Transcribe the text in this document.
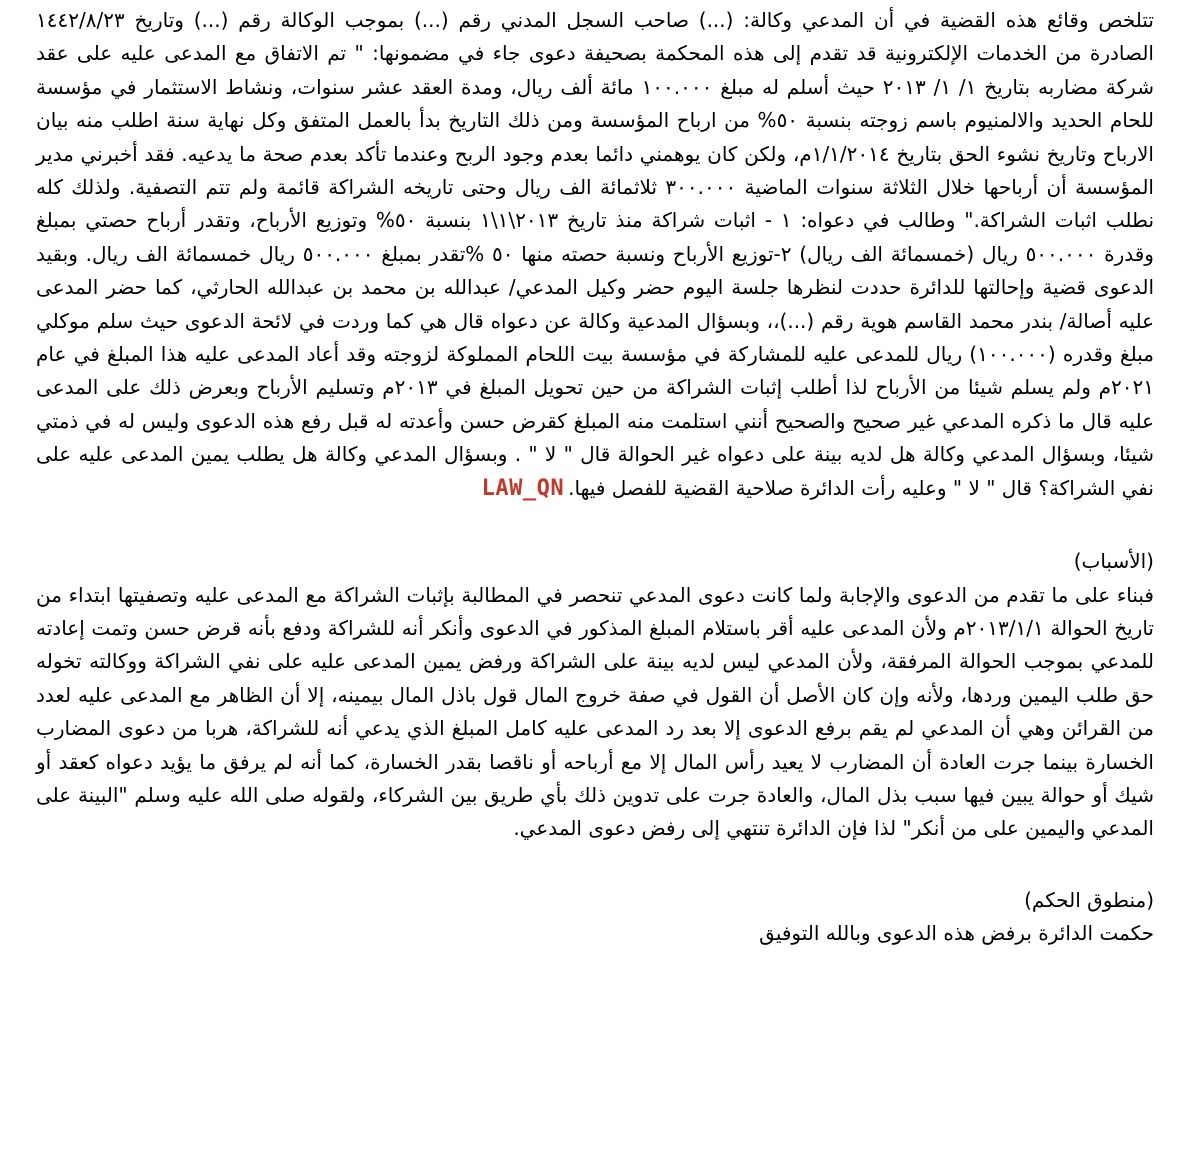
تتلخص وقائع هذه القضية في أن المدعي وكالة: (...) صاحب السجل المدني رقم (...) بموجب الوكالة رقم (...) وتاريخ ١٤٤٢/٨/٢٣ الصادرة من الخدمات الإلكترونية قد تقدم إلى هذه المحكمة بصحيفة دعوى جاء في مضمونها: " تم الاتفاق مع المدعى عليه على عقد شركة مضاربه بتاريخ ١/ ١/ ٢٠١٣ حيث أسلم له مبلغ ١٠٠.٠٠٠ مائة ألف ريال، ومدة العقد عشر سنوات، ونشاط الاستثمار في مؤسسة للحام الحديد والالمنيوم باسم زوجته بنسبة ٥٠% من ارباح المؤسسة ومن ذلك التاريخ بدأ بالعمل المتفق وكل نهاية سنة اطلب منه بيان الارباح وتاريخ نشوء الحق بتاريخ ١/١/٢٠١٤م، ولكن كان يوهمني دائما بعدم وجود الربح وعندما تأكد بعدم صحة ما يدعيه. فقد أخبرني مدير المؤسسة أن أرباحها خلال الثلاثة سنوات الماضية ٣٠٠.٠٠٠ ثلاثمائة الف ريال وحتى تاريخه الشراكة قائمة ولم تتم التصفية. ولذلك كله نطلب اثبات الشراكة." وطالب في دعواه: ١ - اثبات شراكة منذ تاريخ ٢٠١٣\١\١ بنسبة ٥٠% وتوزيع الأرباح، وتقدر أرباح حصتي بمبلغ وقدرة ٥٠٠.٠٠٠ ريال (خمسمائة الف ريال) ٢-توزيع الأرباح ونسبة حصته منها ٥٠ %تقدر بمبلغ ٥٠٠.٠٠٠ ريال خمسمائة الف ريال. وبقيد الدعوى قضية وإحالتها للدائرة حددت لنظرها جلسة اليوم حضر وكيل المدعي/ عبدالله بن محمد بن عبدالله الحارثي، كما حضر المدعى عليه أصالة/ بندر محمد القاسم هوية رقم (...)،، وبسؤال المدعية وكالة عن دعواه قال هي كما وردت في لائحة الدعوى حيث سلم موكلي مبلغ وقدره (١٠٠.٠٠٠) ريال للمدعى عليه للمشاركة في مؤسسة بيت اللحام المملوكة لزوجته وقد أعاد المدعى عليه هذا المبلغ في عام ٢٠٢١م ولم يسلم شيئا من الأرباح لذا أطلب إثبات الشراكة من حين تحويل المبلغ في ٢٠١٣م وتسليم الأرباح وبعرض ذلك على المدعى عليه قال ما ذكره المدعي غير صحيح والصحيح أنني استلمت منه المبلغ كقرض حسن وأعدته له قبل رفع هذه الدعوى وليس له في ذمتي شيئا، وبسؤال المدعي وكالة هل لديه بينة على دعواه غير الحوالة قال " لا " . وبسؤال المدعي وكالة هل يطلب يمين المدعى عليه على نفي الشراكة؟ قال " لا " وعليه رأت الدائرة صلاحية القضية للفصل فيها.LAW_QN

(الأسباب)

فبناء على ما تقدم من الدعوى والإجابة ولما كانت دعوى المدعي تنحصر في المطالبة بإثبات الشراكة مع المدعى عليه وتصفيتها ابتداء من تاريخ الحوالة ٢٠١٣/١/١م ولأن المدعى عليه أقر باستلام المبلغ المذكور في الدعوى وأنكر أنه للشراكة ودفع بأنه قرض حسن وتمت إعادته للمدعي بموجب الحوالة المرفقة، ولأن المدعي ليس لديه بينة على الشراكة ورفض يمين المدعى عليه على نفي الشراكة ووكالته تخوله حق طلب اليمين وردها، ولأنه وإن كان الأصل أن القول في صفة خروج المال قول باذل المال بيمينه، إلا أن الظاهر مع المدعى عليه لعدد من القرائن وهي أن المدعي لم يقم برفع الدعوى إلا بعد رد المدعى عليه كامل المبلغ الذي يدعي أنه للشراكة، هربا من دعوى المضارب الخسارة بينما جرت العادة أن المضارب لا يعيد رأس المال إلا مع أرباحه أو ناقصا بقدر الخسارة، كما أنه لم يرفق ما يؤيد دعواه كعقد أو شيك أو حوالة يبين فيها سبب بذل المال، والعادة جرت على تدوين ذلك بأي طريق بين الشركاء، ولقوله صلى الله عليه وسلم "البينة على المدعي واليمين على من أنكر" لذا فإن الدائرة تنتهي إلى رفض دعوى المدعي.

(منطوق الحكم)

حكمت الدائرة برفض هذه الدعوى وبالله التوفيق
